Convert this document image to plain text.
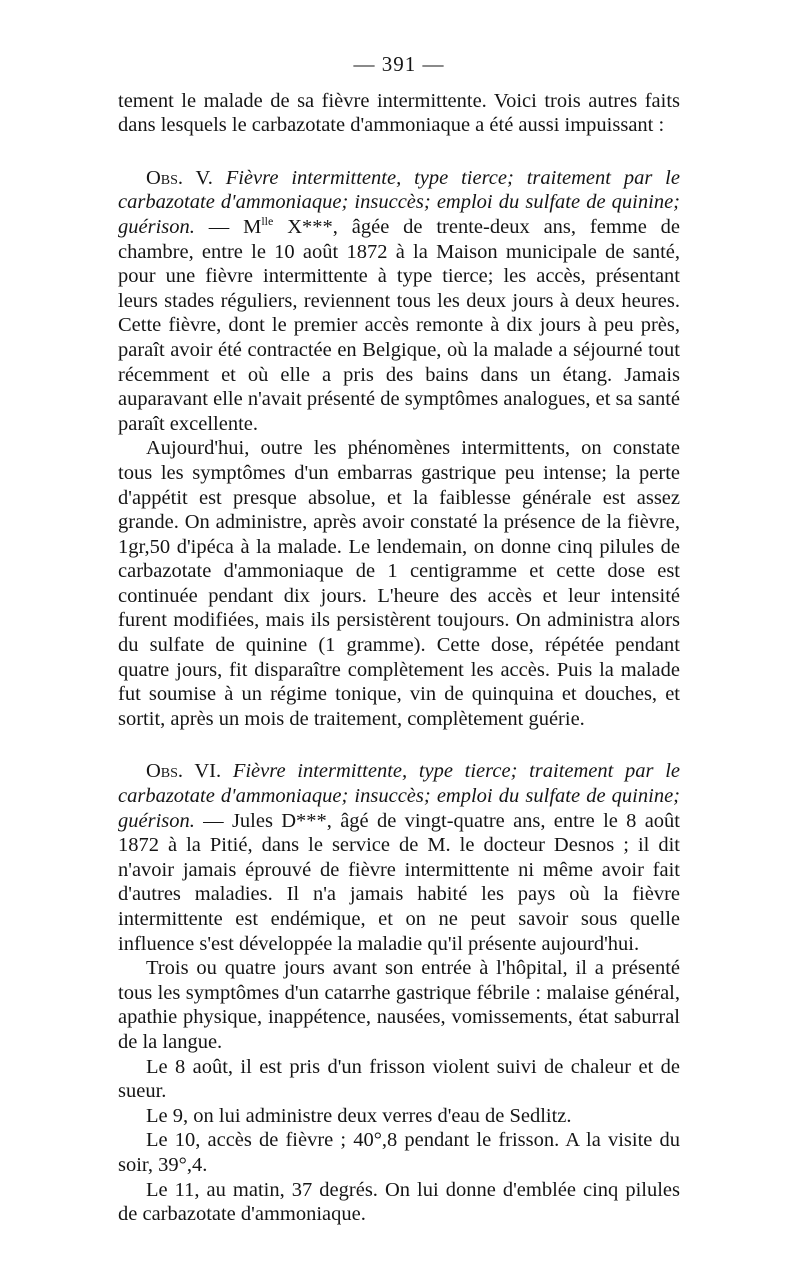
— 391 —

tement le malade de sa fièvre intermittente. Voici trois autres faits dans lesquels le carbazotate d'ammoniaque a été aussi impuissant :

Obs. V. Fièvre intermittente, type tierce; traitement par le carbazotate d'ammoniaque; insuccès; emploi du sulfate de quinine; guérison. — $M^{lle}$ X***, âgée de trente-deux ans, femme de chambre, entre le 10 août 1872 à la Maison municipale de santé, pour une fièvre intermittente à type tierce; les accès, présentant leurs stades réguliers, reviennent tous les deux jours à deux heures. Cette fièvre, dont le premier accès remonte à dix jours à peu près, paraît avoir été contractée en Belgique, où la malade a séjourné tout récemment et où elle a pris des bains dans un étang. Jamais auparavant elle n'avait présenté de symptômes analogues, et sa santé paraît excellente.

Aujourd'hui, outre les phénomènes intermittents, on constate tous les symptômes d'un embarras gastrique peu intense; la perte d'appétit est presque absolue, et la faiblesse générale est assez grande. On administre, après avoir constaté la présence de la fièvre, 1gr,50 d'ipéca à la malade. Le lendemain, on donne cinq pilules de carbazotate d'ammoniaque de 1 centigramme et cette dose est continuée pendant dix jours. L'heure des accès et leur intensité furent modifiées, mais ils persistèrent toujours. On administra alors du sulfate de quinine (1 gramme). Cette dose, répétée pendant quatre jours, fit disparaître complètement les accès. Puis la malade fut soumise à un régime tonique, vin de quinquina et douches, et sortit, après un mois de traitement, complètement guérie.

Obs. VI. Fièvre intermittente, type tierce; traitement par le carbazotate d'ammoniaque; insuccès; emploi du sulfate de quinine; guérison. — Jules D***, âgé de vingt-quatre ans, entre le 8 août 1872 à la Pitié, dans le service de M. le docteur Desnos ; il dit n'avoir jamais éprouvé de fièvre intermittente ni même avoir fait d'autres maladies. Il n'a jamais habité les pays où la fièvre intermittente est endémique, et on ne peut savoir sous quelle influence s'est développée la maladie qu'il présente aujourd'hui.

Trois ou quatre jours avant son entrée à l'hôpital, il a présenté tous les symptômes d'un catarrhe gastrique fébrile : malaise général, apathie physique, inappétence, nausées, vomissements, état saburral de la langue.

Le 8 août, il est pris d'un frisson violent suivi de chaleur et de sueur.

Le 9, on lui administre deux verres d'eau de Sedlitz.

Le 10, accès de fièvre ; 40°,8 pendant le frisson. A la visite du soir, 39°,4.

Le 11, au matin, 37 degrés. On lui donne d'emblée cinq pilules de carbazotate d'ammoniaque.
